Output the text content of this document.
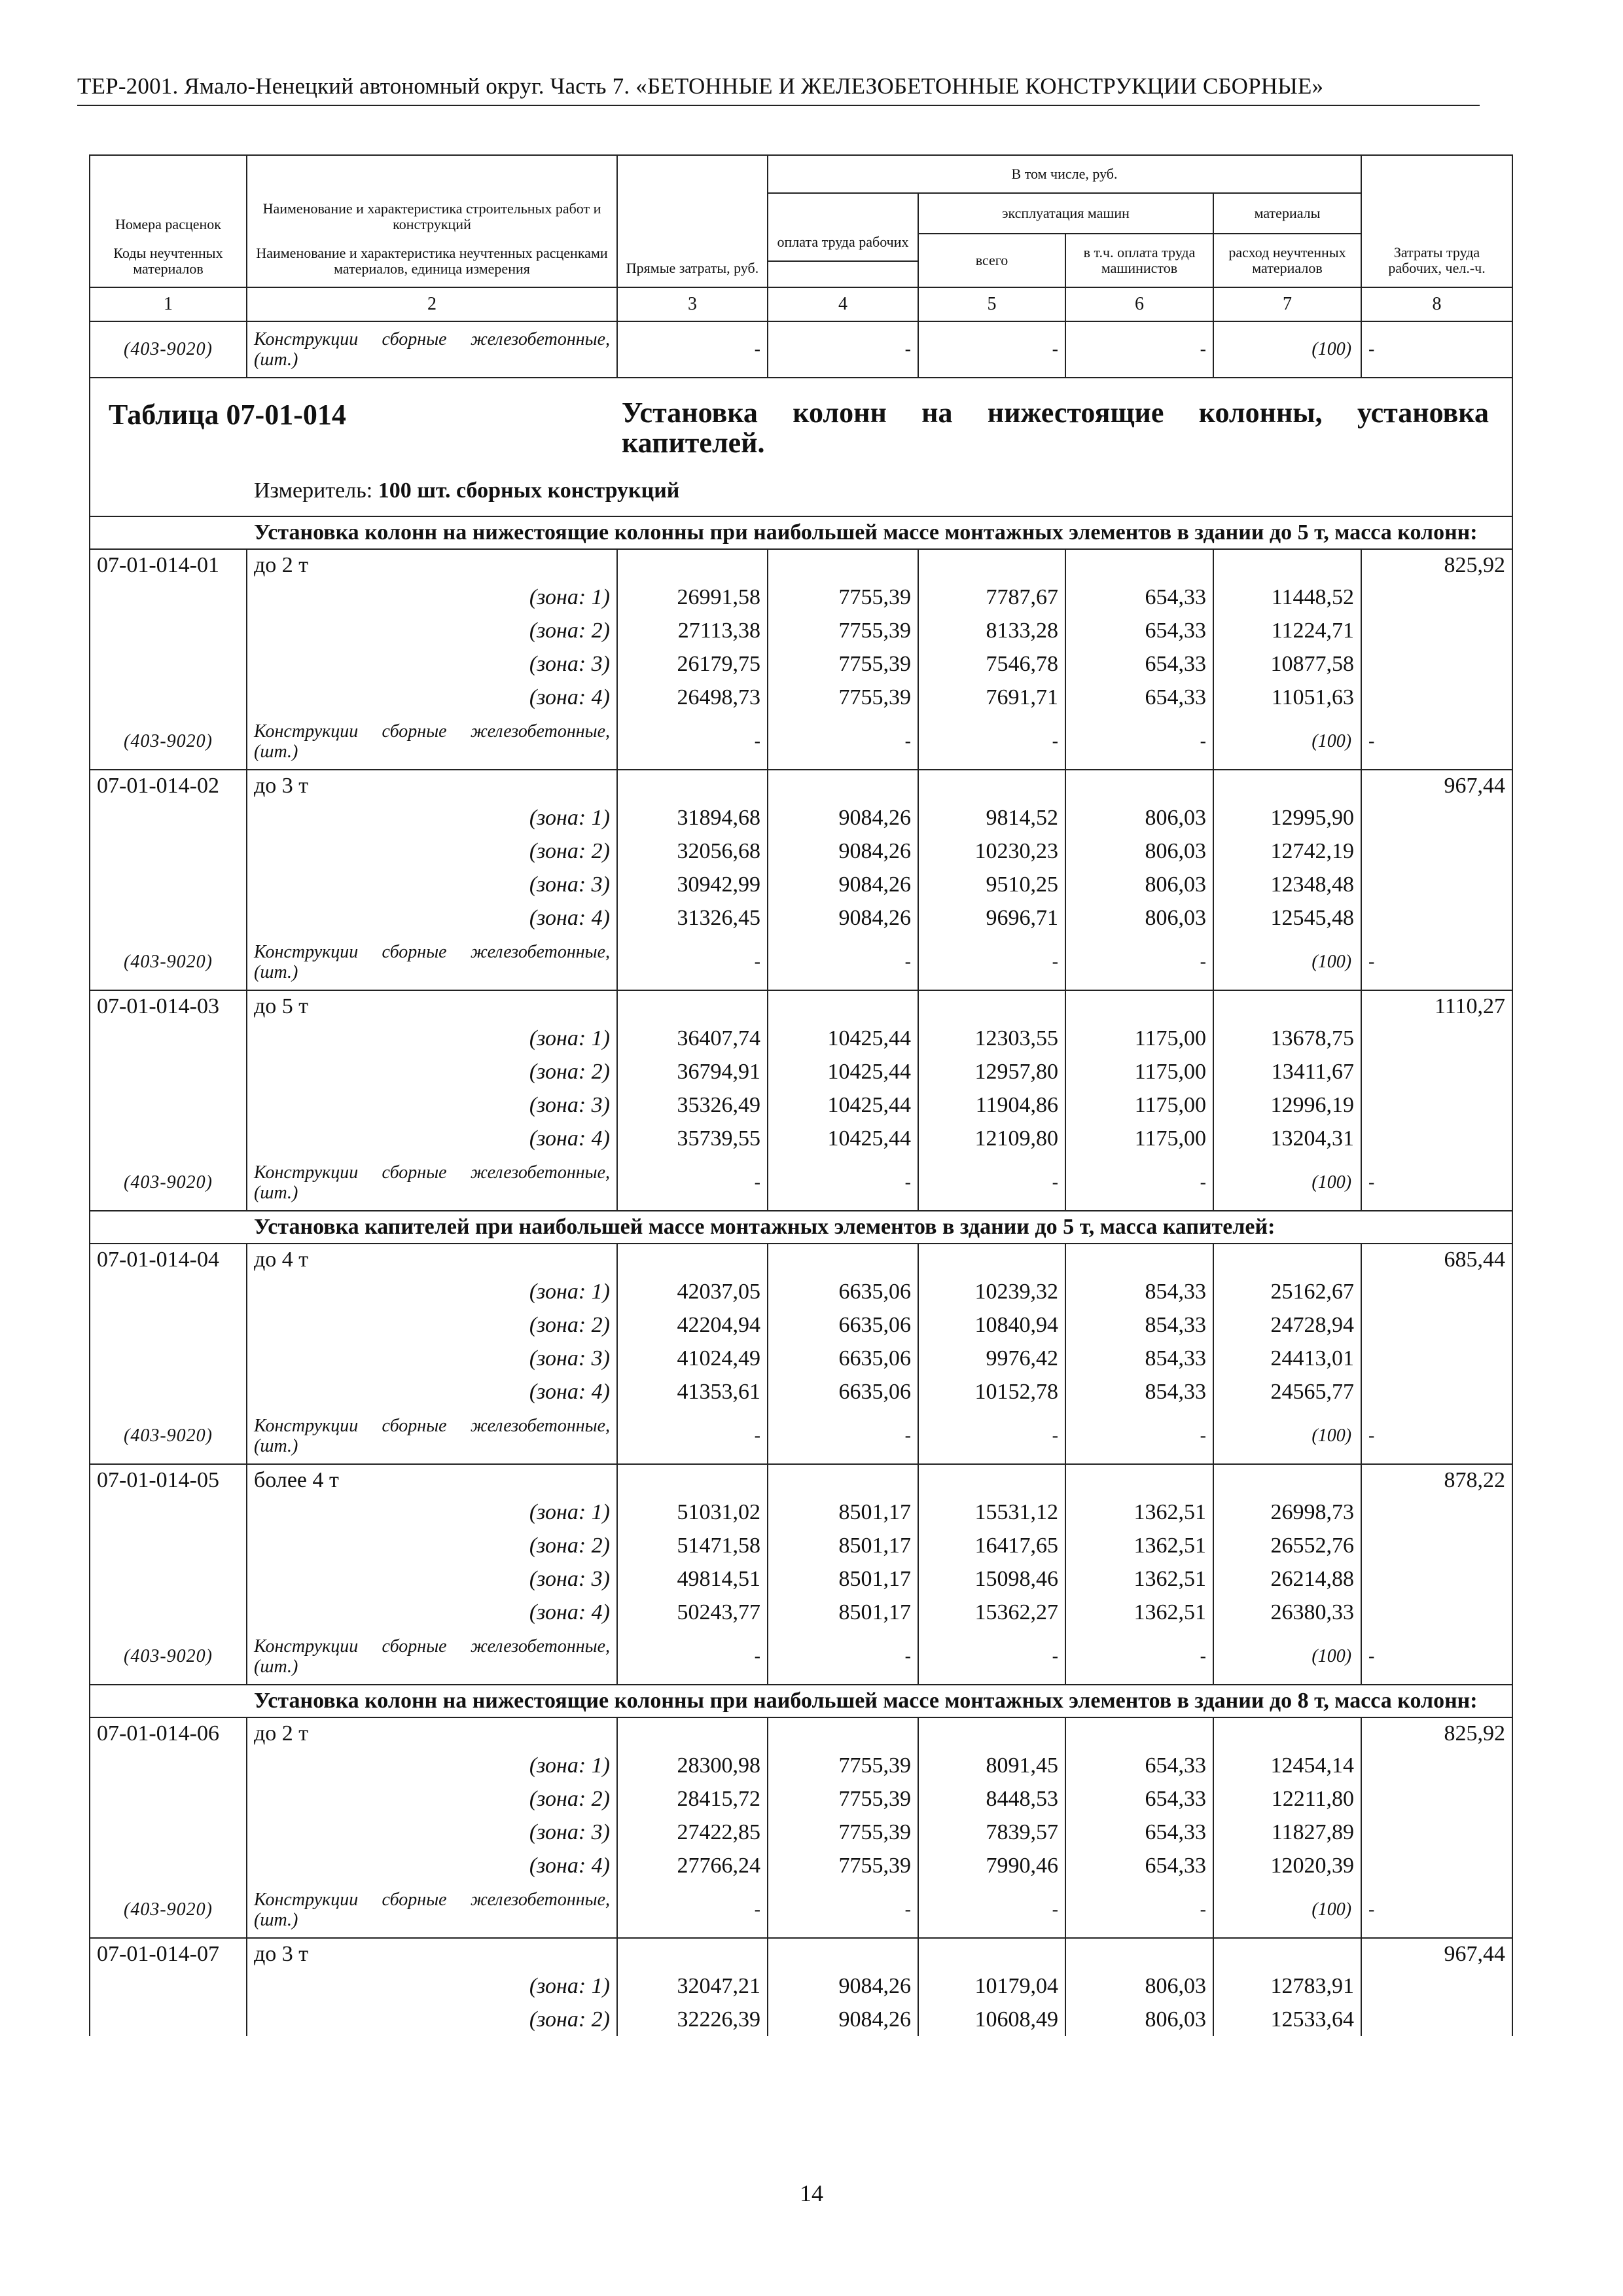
ТЕР-2001. Ямало-Ненецкий автономный округ. Часть 7. «БЕТОННЫЕ И ЖЕЛЕЗОБЕТОННЫЕ КОНСТРУКЦИИ СБОРНЫЕ»
Номера расценок	Наименование и характеристика строительных работ и конструкций	Прямые затраты, руб.	В том числе, руб.				Затраты труда рабочих, чел.-ч.
			оплата труда рабочих	эксплуатация машин		материалы	
				всего	в т.ч. оплата труда машинистов	расход неучтенных материалов	
Коды неучтенных материалов	Наименование и характеристика неучтенных расценками материалов, единица измерения						

1	2	3	4	5	6	7	8
(403-9020)	Конструкции сборные железобетонные, (шт.)	-	-	-	-	(100)	-

Таблица 07-01-014 Установка колонн на нижестоящие колонны, установка капителей.
Измеритель: 100 шт. сборных конструкций							

Установка колонн на нижестоящие колонны при наибольшей массе монтажных элементов в здании до 5 т, масса колонн:							
07-01-014-01	до 2 т						825,92
	(зона: 1)	26991,58	7755,39	7787,67	654,33	11448,52	
	(зона: 2)	27113,38	7755,39	8133,28	654,33	11224,71	
	(зона: 3)	26179,75	7755,39	7546,78	654,33	10877,58	
	(зона: 4)	26498,73	7755,39	7691,71	654,33	11051,63	
(403-9020)	Конструкции сборные железобетонные, (шт.)	-	-	-	-	(100)	-
07-01-014-02	до 3 т						967,44
	(зона: 1)	31894,68	9084,26	9814,52	806,03	12995,90	
	(зона: 2)	32056,68	9084,26	10230,23	806,03	12742,19	
	(зона: 3)	30942,99	9084,26	9510,25	806,03	12348,48	
	(зона: 4)	31326,45	9084,26	9696,71	806,03	12545,48	
(403-9020)	Конструкции сборные железобетонные, (шт.)	-	-	-	-	(100)	-
07-01-014-03	до 5 т						1110,27
	(зона: 1)	36407,74	10425,44	12303,55	1175,00	13678,75	
	(зона: 2)	36794,91	10425,44	12957,80	1175,00	13411,67	
	(зона: 3)	35326,49	10425,44	11904,86	1175,00	12996,19	
	(зона: 4)	35739,55	10425,44	12109,80	1175,00	13204,31	
(403-9020)	Конструкции сборные железобетонные, (шт.)	-	-	-	-	(100)	-
Установка капителей при наибольшей массе монтажных элементов в здании до 5 т, масса капителей:							
07-01-014-04	до 4 т						685,44
	(зона: 1)	42037,05	6635,06	10239,32	854,33	25162,67	
	(зона: 2)	42204,94	6635,06	10840,94	854,33	24728,94	
	(зона: 3)	41024,49	6635,06	9976,42	854,33	24413,01	
	(зона: 4)	41353,61	6635,06	10152,78	854,33	24565,77	
(403-9020)	Конструкции сборные железобетонные, (шт.)	-	-	-	-	(100)	-
07-01-014-05	более 4 т						878,22
	(зона: 1)	51031,02	8501,17	15531,12	1362,51	26998,73	
	(зона: 2)	51471,58	8501,17	16417,65	1362,51	26552,76	
	(зона: 3)	49814,51	8501,17	15098,46	1362,51	26214,88	
	(зона: 4)	50243,77	8501,17	15362,27	1362,51	26380,33	
(403-9020)	Конструкции сборные железобетонные, (шт.)	-	-	-	-	(100)	-
Установка колонн на нижестоящие колонны при наибольшей массе монтажных элементов в здании до 8 т, масса колонн:							
07-01-014-06	до 2 т						825,92
	(зона: 1)	28300,98	7755,39	8091,45	654,33	12454,14	
	(зона: 2)	28415,72	7755,39	8448,53	654,33	12211,80	
	(зона: 3)	27422,85	7755,39	7839,57	654,33	11827,89	
	(зона: 4)	27766,24	7755,39	7990,46	654,33	12020,39	
(403-9020)	Конструкции сборные железобетонные, (шт.)	-	-	-	-	(100)	-
07-01-014-07	до 3 т						967,44
	(зона: 1)	32047,21	9084,26	10179,04	806,03	12783,91	
	(зона: 2)	32226,39	9084,26	10608,49	806,03	12533,64	
14
